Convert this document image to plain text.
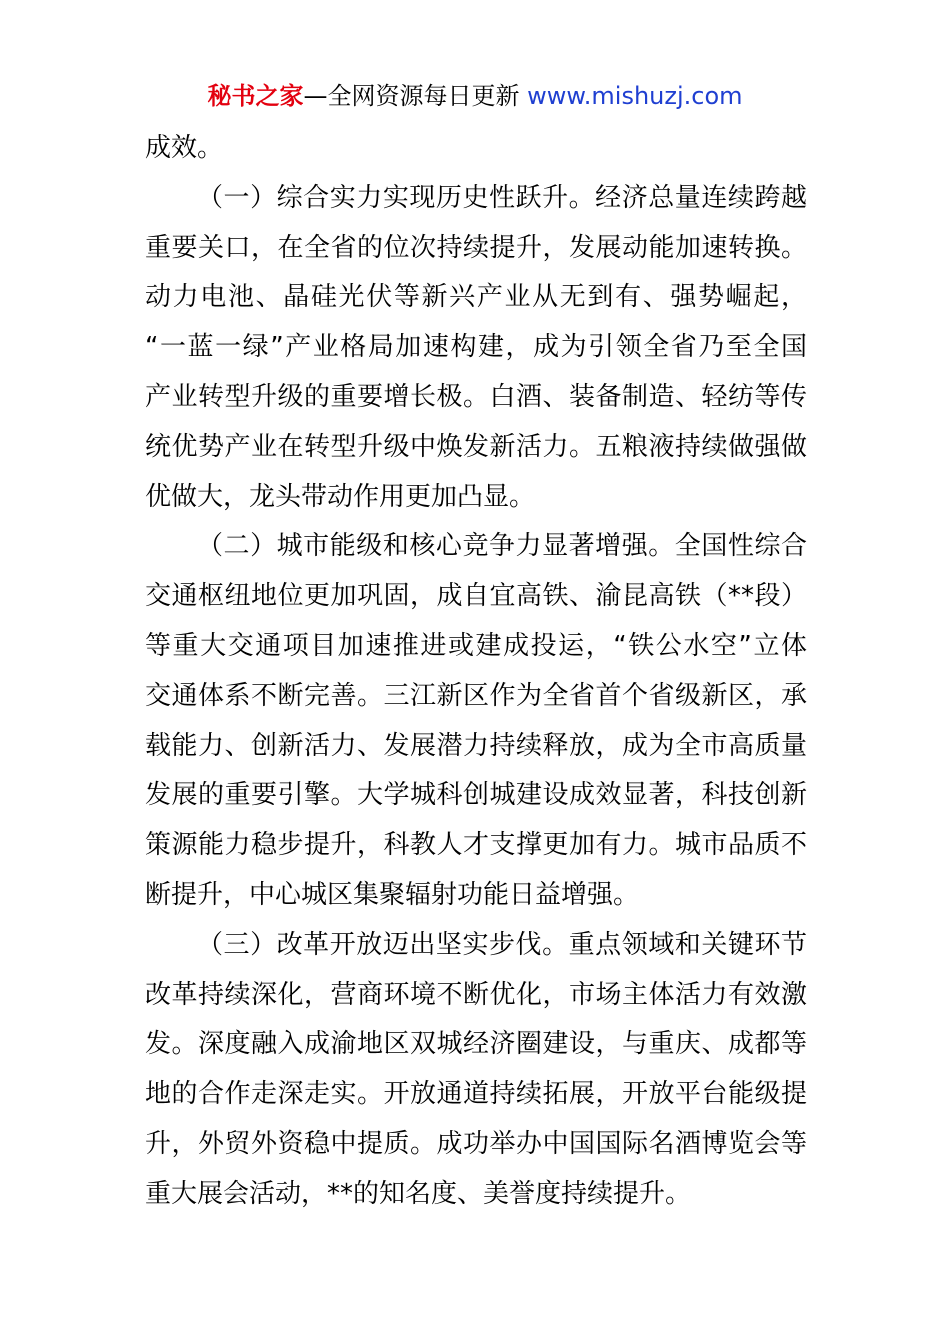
秘书之家—全网资源每日更新 www.mishuzj.com
成效。
（一）综合实力实现历史性跃升。经济总量连续跨越
重要关口，在全省的位次持续提升，发展动能加速转换。
动力电池、晶硅光伏等新兴产业从无到有、强势崛起，
“一蓝一绿”产业格局加速构建，成为引领全省乃至全国
产业转型升级的重要增长极。白酒、装备制造、轻纺等传
统优势产业在转型升级中焕发新活力。五粮液持续做强做
优做大，龙头带动作用更加凸显。
（二）城市能级和核心竞争力显著增强。全国性综合
交通枢纽地位更加巩固，成自宜高铁、渝昆高铁（**段）
等重大交通项目加速推进或建成投运，“铁公水空”立体
交通体系不断完善。三江新区作为全省首个省级新区，承
载能力、创新活力、发展潜力持续释放，成为全市高质量
发展的重要引擎。大学城科创城建设成效显著，科技创新
策源能力稳步提升，科教人才支撑更加有力。城市品质不
断提升，中心城区集聚辐射功能日益增强。
（三）改革开放迈出坚实步伐。重点领域和关键环节
改革持续深化，营商环境不断优化，市场主体活力有效激
发。深度融入成渝地区双城经济圈建设，与重庆、成都等
地的合作走深走实。开放通道持续拓展，开放平台能级提
升，外贸外资稳中提质。成功举办中国国际名酒博览会等
重大展会活动，**的知名度、美誉度持续提升。
